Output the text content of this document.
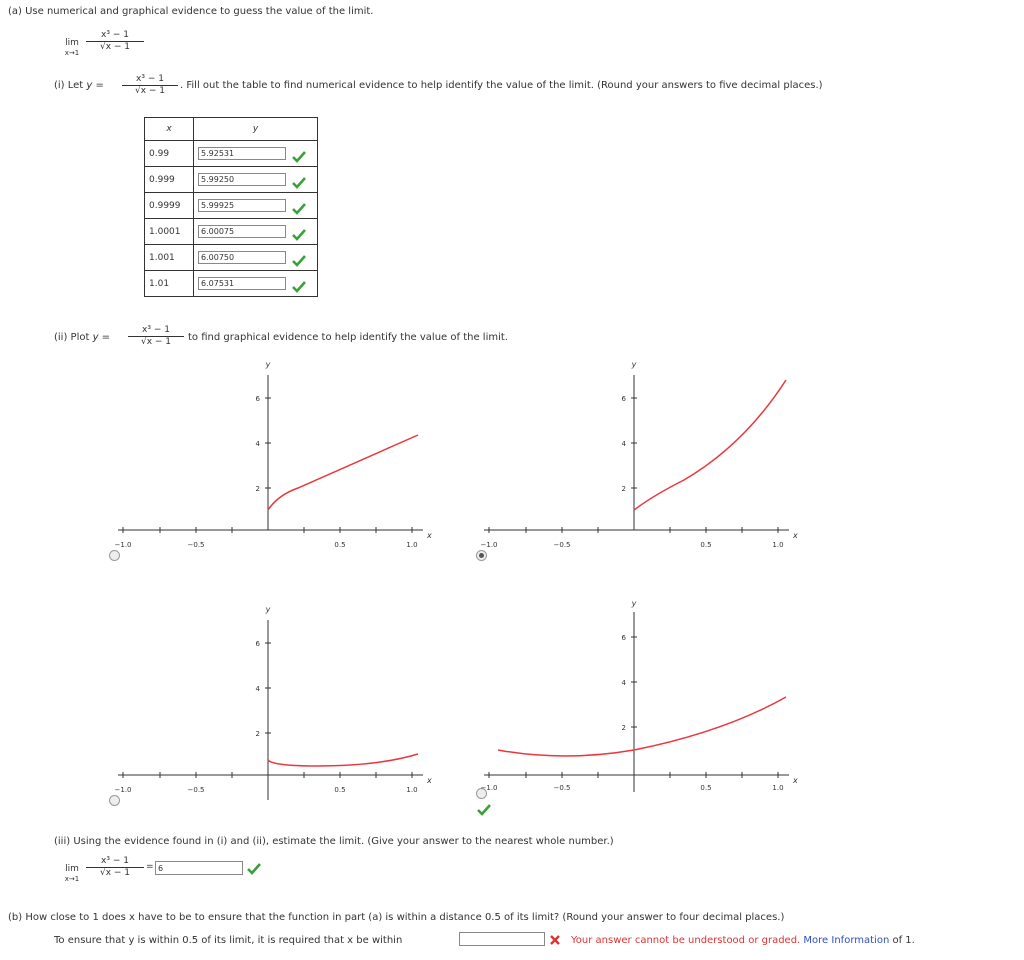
(a) Use numerical and graphical evidence to guess the value of the limit.
lim
$x\to 1 \frac{\text{x³ − 1}}{√x - 1}$
(i) Let $y = \frac{\text{x³ − 1}}{√x - 1}$ . Fill out the table to find numerical evidence to help identify the value of the limit. (Round your answers to five decimal places.)
x	y
0.99	5.92531
0.999	5.99250
0.9999	5.99925
1.0001	6.00075
1.001	6.00750
1.01	6.07531
(ii) Plot $y = \frac{\text{x³ − 1}}{√x - 1}$ to find graphical evidence to help identify the value of the limit.
−1.0	−0.5	0.5	1.0
2
4
6
x
y
−1.0	−0.5	0.5	1.0
2
4
6
x
y
−1.0	−0.5	0.5	1.0
2
4
6
x
y
−1.0	−0.5	0.5	1.0
2
4
6
x
y
(iii) Using the evidence found in (i) and (ii), estimate the limit. (Give your answer to the nearest whole number.)
lim
$x\to 1 \frac{\text{x³ − 1}}{√x - 1} = 6$
(b) How close to 1 does x have to be to ensure that the function in part (a) is within a distance 0.5 of its limit? (Round your answer to four decimal places.)
To ensure that y is within 0.5 of its limit, it is required that x be within	Your answer cannot be understood or graded. More Information of 1.
